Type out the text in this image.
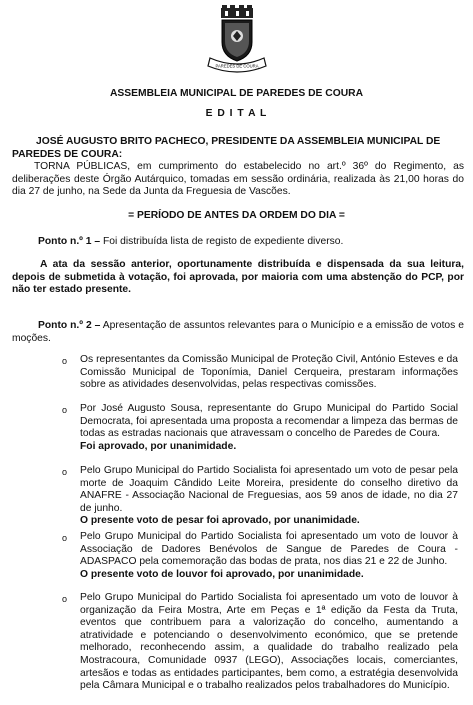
PAREDES DE COURA
ASSEMBLEIA MUNICIPAL DE PAREDES DE COURA
E D I T A L

JOSÉ AUGUSTO BRITO PACHECO, PRESIDENTE DA ASSEMBLEIA MUNICIPAL DE

PAREDES DE COURA:

TORNA PÚBLICAS, em cumprimento do estabelecido no art.º 36º do Regimento, as deliberações deste Órgão Autárquico, tomadas em sessão ordinária, realizada às 21,00 horas do dia 27 de junho, na Sede da Junta da Freguesia de Vascões.

= PERÍODO DE ANTES DA ORDEM DO DIA =

Ponto n.º 1 – Foi distribuída lista de registo de expediente diverso.

A ata da sessão anterior, oportunamente distribuída e dispensada da sua leitura, depois de submetida à votação, foi aprovada, por maioria com uma abstenção do PCP, por não ter estado presente.

Ponto n.º 2 – Apresentação de assuntos relevantes para o Município e a emissão de votos e moções.

o Os representantes da Comissão Municipal de Proteção Civil, António Esteves e da Comissão Municipal de Toponímia, Daniel Cerqueira, prestaram informações sobre as atividades desenvolvidas, pelas respectivas comissões.

o Por José Augusto Sousa, representante do Grupo Municipal do Partido Social Democrata, foi apresentada uma proposta a recomendar a limpeza das bermas de todas as estradas nacionais que atravessam o concelho de Paredes de Coura.

Foi aprovado, por unanimidade.

o Pelo Grupo Municipal do Partido Socialista foi apresentado um voto de pesar pela morte de Joaquim Cândido Leite Moreira, presidente do conselho diretivo da ANAFRE - Associação Nacional de Freguesias, aos 59 anos de idade, no dia 27 de junho.

O presente voto de pesar foi aprovado, por unanimidade.

o Pelo Grupo Municipal do Partido Socialista foi apresentado um voto de louvor à Associação de Dadores Benévolos de Sangue de Paredes de Coura - ADASPACO pela comemoração das bodas de prata, nos dias 21 e 22 de Junho.

O presente voto de louvor foi aprovado, por unanimidade.

o Pelo Grupo Municipal do Partido Socialista foi apresentado um voto de louvor à organização da Feira Mostra, Arte em Peças e 1ª edição da Festa da Truta, eventos que contribuem para a valorização do concelho, aumentando a atratividade e potenciando o desenvolvimento económico, que se pretende melhorado, reconhecendo assim, a qualidade do trabalho realizado pela Mostracoura, Comunidade 0937 (LEGO), Associações locais, comerciantes, artesãos e todas as entidades participantes, bem como, a estratégia desenvolvida pela Câmara Municipal e o trabalho realizados pelos trabalhadores do Município.
